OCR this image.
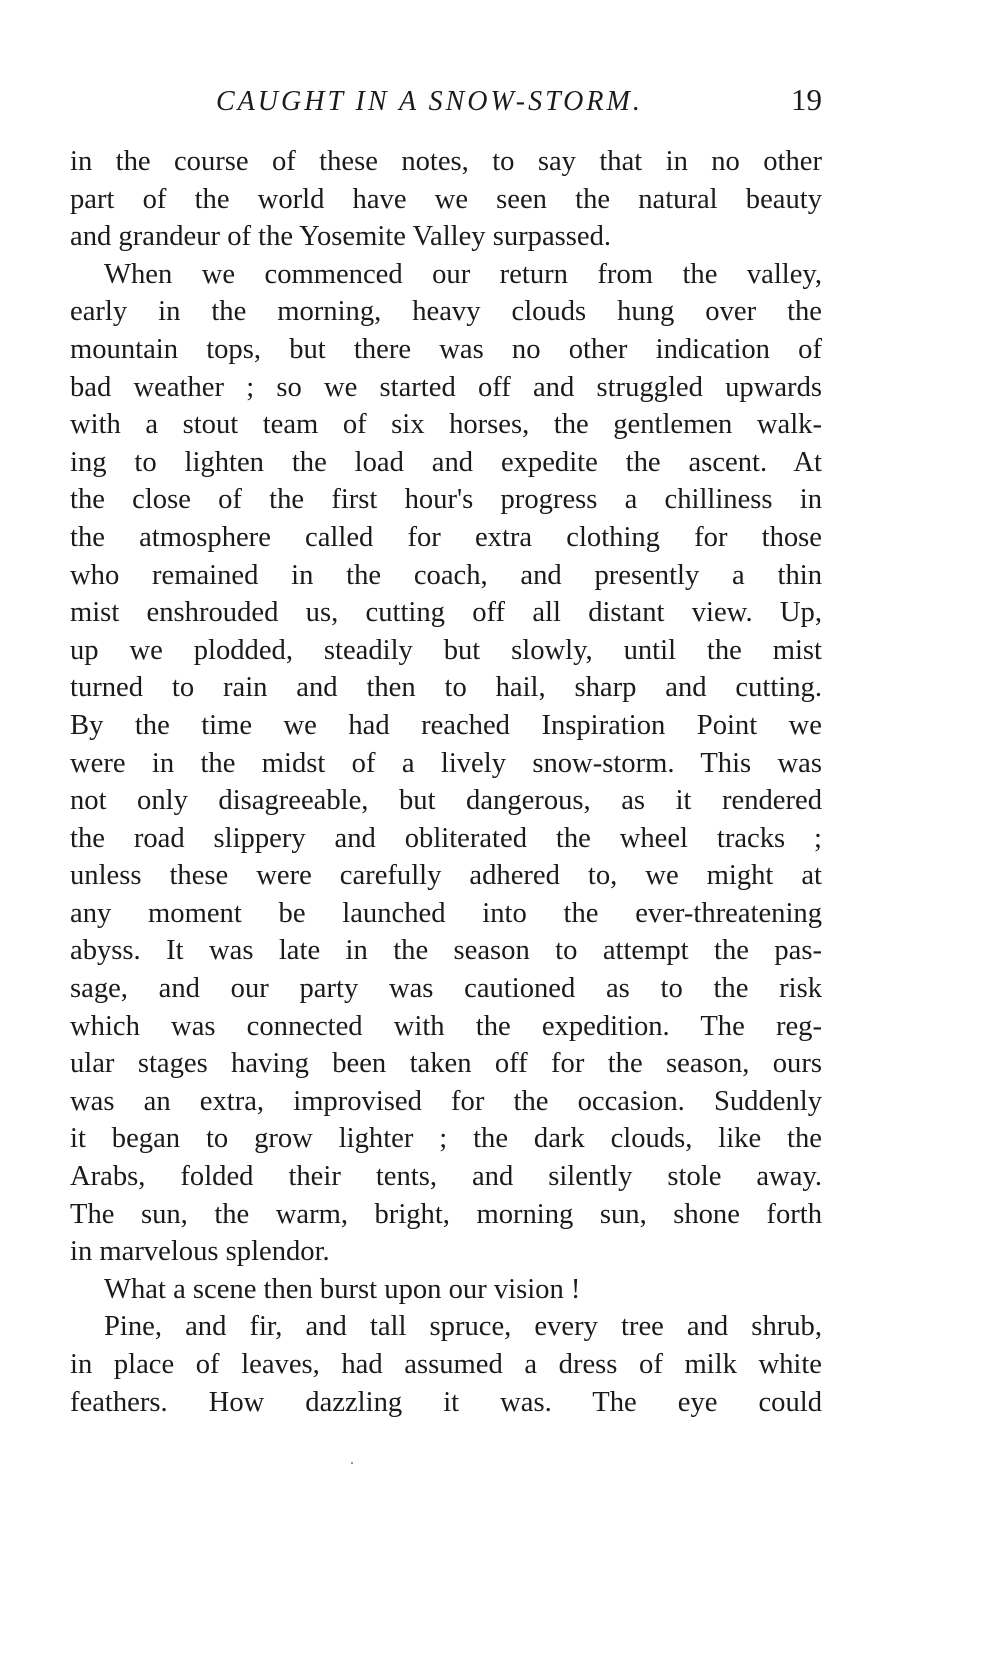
CAUGHT IN A SNOW-STORM.	19
in the course of these notes, to say that in no other
part of the world have we seen the natural beauty
and grandeur of the Yosemite Valley surpassed.
When we commenced our return from the valley,
early in the morning, heavy clouds hung over the
mountain tops, but there was no other indication of
bad weather ; so we started off and struggled upwards
with a stout team of six horses, the gentlemen walk-
ing to lighten the load and expedite the ascent. At
the close of the first hour's progress a chilliness in
the atmosphere called for extra clothing for those
who remained in the coach, and presently a thin
mist enshrouded us, cutting off all distant view. Up,
up we plodded, steadily but slowly, until the mist
turned to rain and then to hail, sharp and cutting.
By the time we had reached Inspiration Point we
were in the midst of a lively snow-storm. This was
not only disagreeable, but dangerous, as it rendered
the road slippery and obliterated the wheel tracks ;
unless these were carefully adhered to, we might at
any moment be launched into the ever-threatening
abyss. It was late in the season to attempt the pas-
sage, and our party was cautioned as to the risk
which was connected with the expedition. The reg-
ular stages having been taken off for the season, ours
was an extra, improvised for the occasion. Suddenly
it began to grow lighter ; the dark clouds, like the
Arabs, folded their tents, and silently stole away.
The sun, the warm, bright, morning sun, shone forth
in marvelous splendor.
What a scene then burst upon our vision !
Pine, and fir, and tall spruce, every tree and shrub,
in place of leaves, had assumed a dress of milk white
feathers. How dazzling it was. The eye could
